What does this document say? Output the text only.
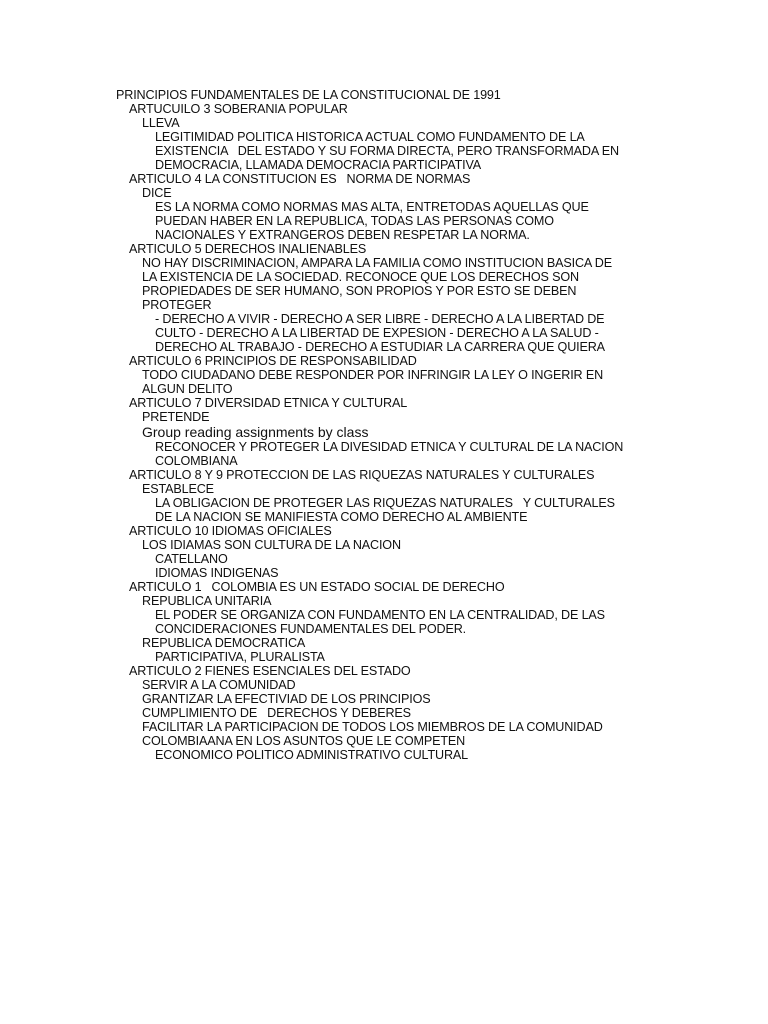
Group reading assignments by class
PRINCIPIOS FUNDAMENTALES DE LA CONSTITUCIONAL DE 1991
ARTUCUILO 3 SOBERANIA POPULAR
LLEVA
LEGITIMIDAD POLITICA HISTORICA ACTUAL COMO FUNDAMENTO DE LA
EXISTENCIA   DEL ESTADO Y SU FORMA DIRECTA, PERO TRANSFORMADA EN
DEMOCRACIA, LLAMADA DEMOCRACIA PARTICIPATIVA
ARTICULO 4 LA CONSTITUCION ES   NORMA DE NORMAS
DICE
ES LA NORMA COMO NORMAS MAS ALTA, ENTRETODAS AQUELLAS QUE
PUEDAN HABER EN LA REPUBLICA, TODAS LAS PERSONAS COMO
NACIONALES Y EXTRANGEROS DEBEN RESPETAR LA NORMA.
ARTICULO 5 DERECHOS INALIENABLES
NO HAY DISCRIMINACION, AMPARA LA FAMILIA COMO INSTITUCION BASICA DE
LA EXISTENCIA DE LA SOCIEDAD. RECONOCE QUE LOS DERECHOS SON
PROPIEDADES DE SER HUMANO, SON PROPIOS Y POR ESTO SE DEBEN
PROTEGER
- DERECHO A VIVIR - DERECHO A SER LIBRE - DERECHO A LA LIBERTAD DE
CULTO - DERECHO A LA LIBERTAD DE EXPESION - DERECHO A LA SALUD -
DERECHO AL TRABAJO - DERECHO A ESTUDIAR LA CARRERA QUE QUIERA
ARTICULO 6 PRINCIPIOS DE RESPONSABILIDAD
TODO CIUDADANO DEBE RESPONDER POR INFRINGIR LA LEY O INGERIR EN
ALGUN DELITO
ARTICULO 7 DIVERSIDAD ETNICA Y CULTURAL
PRETENDE
RECONOCER Y PROTEGER LA DIVESIDAD ETNICA Y CULTURAL DE LA NACION
COLOMBIANA
ARTICULO 8 Y 9 PROTECCION DE LAS RIQUEZAS NATURALES Y CULTURALES
ESTABLECE
LA OBLIGACION DE PROTEGER LAS RIQUEZAS NATURALES   Y CULTURALES
DE LA NACION SE MANIFIESTA COMO DERECHO AL AMBIENTE
ARTICULO 10 IDIOMAS OFICIALES
LOS IDIAMAS SON CULTURA DE LA NACION
CATELLANO
IDIOMAS INDIGENAS
ARTICULO 1   COLOMBIA ES UN ESTADO SOCIAL DE DERECHO
REPUBLICA UNITARIA
EL PODER SE ORGANIZA CON FUNDAMENTO EN LA CENTRALIDAD, DE LAS
CONCIDERACIONES FUNDAMENTALES DEL PODER.
REPUBLICA DEMOCRATICA
PARTICIPATIVA, PLURALISTA
ARTICULO 2 FIENES ESENCIALES DEL ESTADO
SERVIR A LA COMUNIDAD
GRANTIZAR LA EFECTIVIAD DE LOS PRINCIPIOS
CUMPLIMIENTO DE   DERECHOS Y DEBERES
FACILITAR LA PARTICIPACION DE TODOS LOS MIEMBROS DE LA COMUNIDAD
COLOMBIAANA EN LOS ASUNTOS QUE LE COMPETEN
ECONOMICO POLITICO ADMINISTRATIVO CULTURAL
